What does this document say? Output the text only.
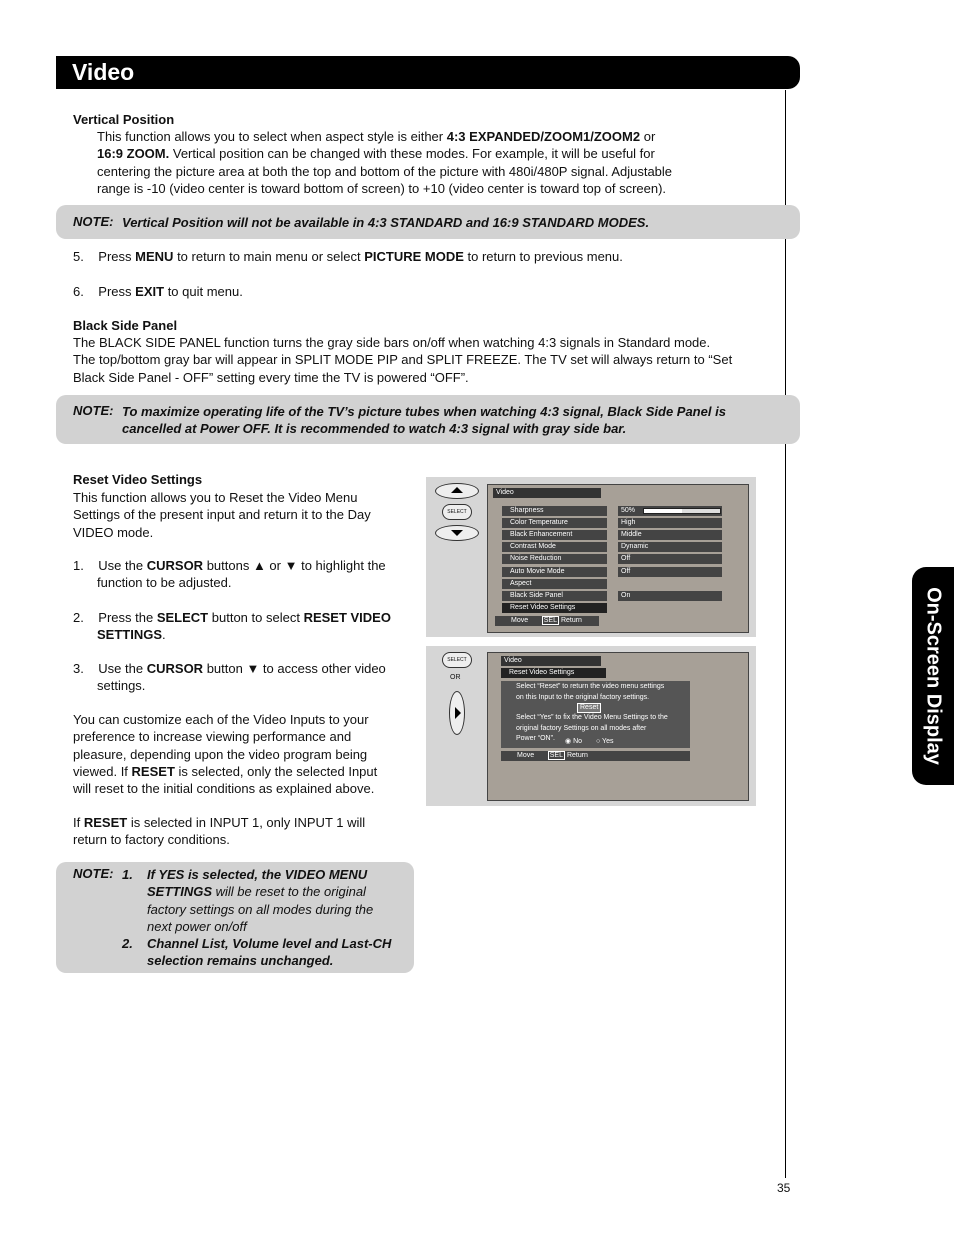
Video
On-Screen Display
Vertical Position
This function allows you to select when aspect style is either 4:3 EXPANDED/ZOOM1/ZOOM2 or
16:9 ZOOM. Vertical position can be changed with these modes. For example, it will be useful for
centering the picture area at both the top and bottom of the picture with 480i/480P signal. Adjustable
range is -10 (video center is toward bottom of screen) to +10 (video center is toward top of screen).
NOTE: Vertical Position will not be available in 4:3 STANDARD and 16:9 STANDARD MODES.
5. Press MENU to return to main menu or select PICTURE MODE to return to previous menu.
6. Press EXIT to quit menu.
Black Side Panel
The BLACK SIDE PANEL function turns the gray side bars on/off when watching 4:3 signals in Standard mode.
The top/bottom gray bar will appear in SPLIT MODE PIP and SPLIT FREEZE. The TV set will always return to “Set
Black Side Panel - OFF” setting every time the TV is powered “OFF”.
NOTE: To maximize operating life of the TV’s picture tubes when watching 4:3 signal, Black Side Panel is
cancelled at Power OFF. It is recommended to watch 4:3 signal with gray side bar.
Reset Video Settings
This function allows you to Reset the Video Menu
Settings of the present input and return it to the Day
VIDEO mode.
1. Use the CURSOR buttons ▲ or ▼ to highlight the
function to be adjusted.
2. Press the SELECT button to select RESET VIDEO
SETTINGS.
3. Use the CURSOR button ▼ to access other video
settings.
You can customize each of the Video Inputs to your
preference to increase viewing performance and
pleasure, depending upon the video program being
viewed. If RESET is selected, only the selected Input
will reset to the initial conditions as explained above.
If RESET is selected in INPUT 1, only INPUT 1 will
return to factory conditions.
NOTE: 1. If YES is selected, the VIDEO MENU
SETTINGS will be reset to the original
factory settings on all modes during the
next power on/off
2. Channel List, Volume level and Last-CH
selection remains unchanged.
SELECT
Video
Sharpness	50%
Color Temperature	High
Black Enhancement	Middle
Contrast Mode	Dynamic
Noise Reduction	Off
Auto Movie Mode	Off
Aspect
Black Side Panel	On
Reset Video Settings
Move SEL Return
SELECT
OR
Video
Reset Video Settings
Select “Reset” to return the video menu settings
on this Input to the original factory settings.
Reset
Select “Yes” to fix the Video Menu Settings to the
original factory Settings on all modes after
Power “ON”.	◉ No ○ Yes
Move SEL Return
35
